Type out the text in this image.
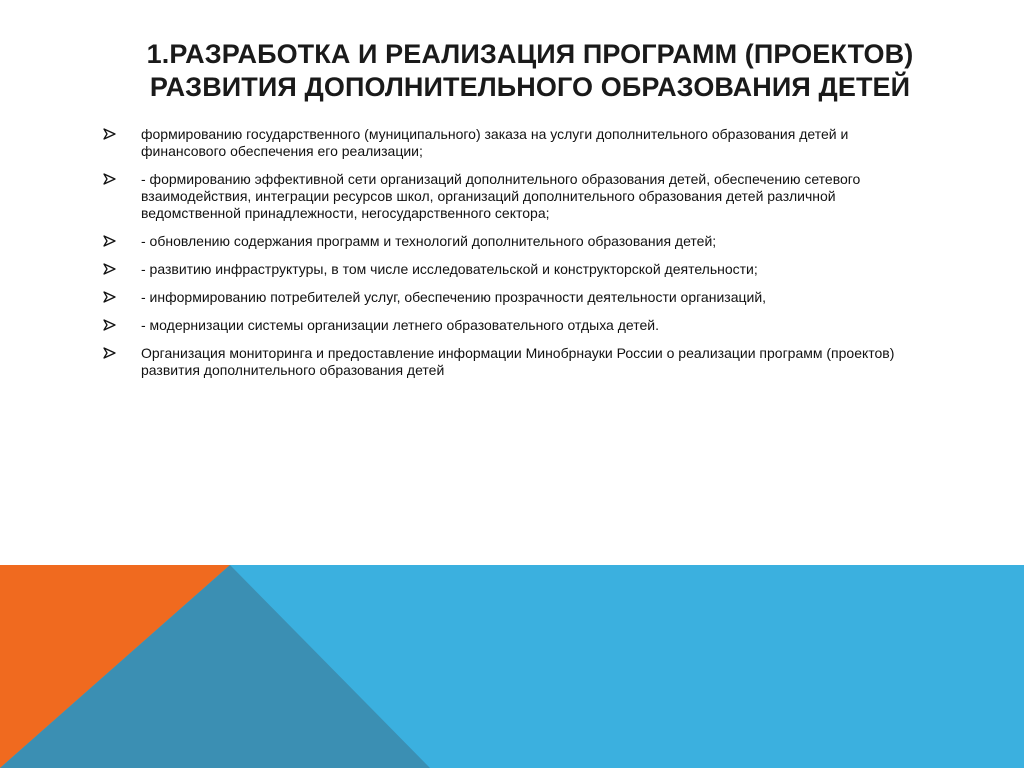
1.РАЗРАБОТКА И РЕАЛИЗАЦИЯ ПРОГРАММ (ПРОЕКТОВ)
РАЗВИТИЯ ДОПОЛНИТЕЛЬНОГО ОБРАЗОВАНИЯ ДЕТЕЙ
формированию государственного (муниципального) заказа на услуги дополнительного образования детей и финансового обеспечения его реализации;
- формированию эффективной сети организаций дополнительного образования детей, обеспечению сетевого взаимодействия, интеграции ресурсов школ, организаций дополнительного образования детей различной ведомственной принадлежности, негосударственного сектора;
- обновлению содержания программ и технологий дополнительного образования детей;
- развитию инфраструктуры, в том числе исследовательской и конструкторской деятельности;
- информированию потребителей услуг, обеспечению прозрачности деятельности организаций,
- модернизации системы организации летнего образовательного отдыха детей.
Организация мониторинга и предоставление информации Минобрнауки России о реализации программ (проектов) развития дополнительного образования детей
